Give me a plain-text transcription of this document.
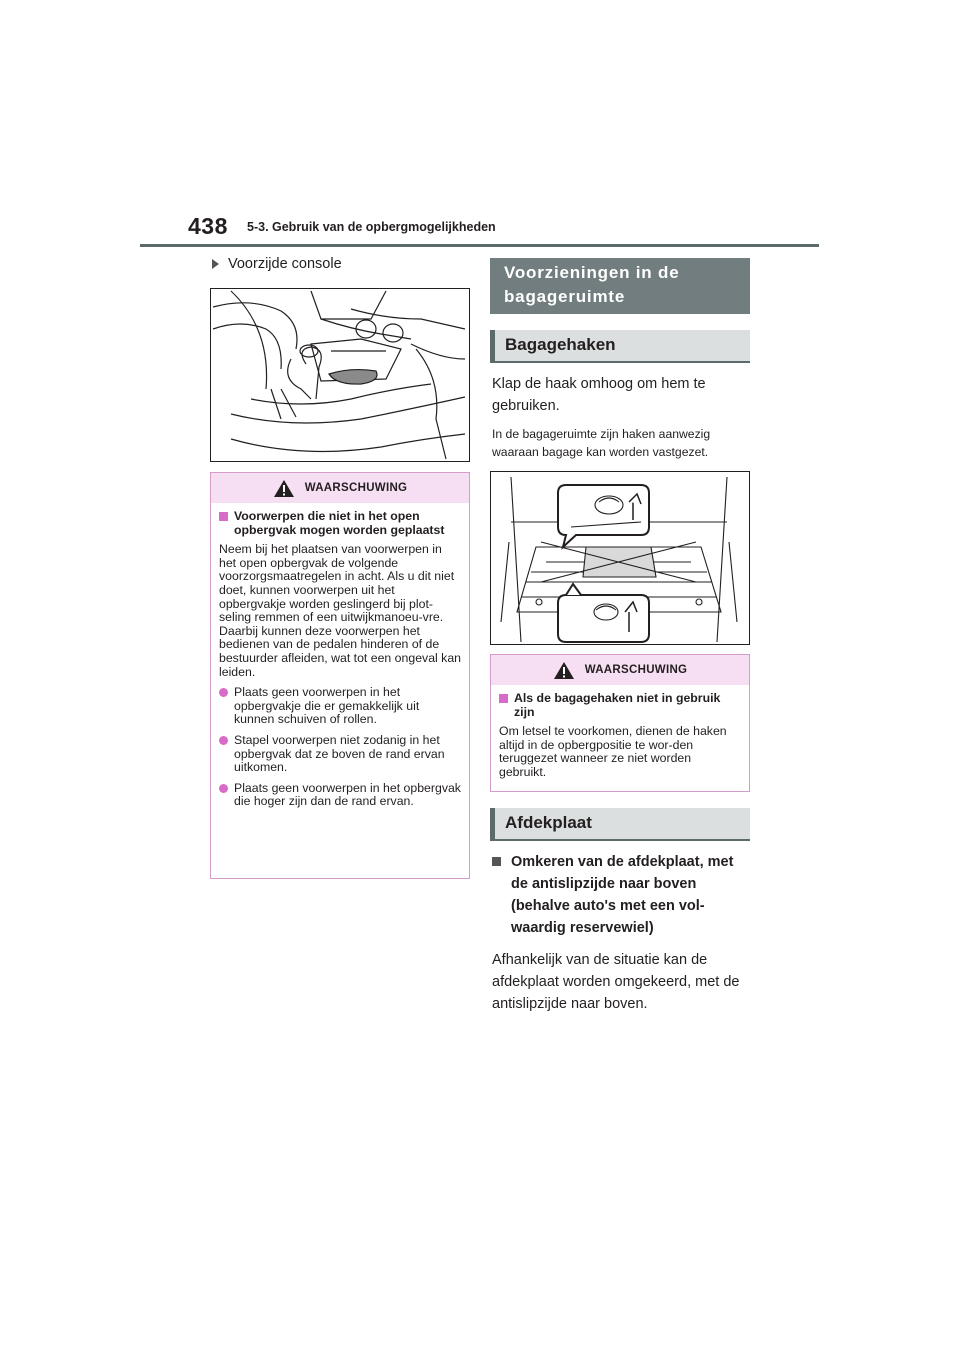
438 5-3. Gebruik van de opbergmogelijkheden
Voorzijde console
WAARSCHUWING
Voorwerpen die niet in het open opbergvak mogen worden geplaatst
Neem bij het plaatsen van voorwerpen in het open opbergvak de volgende voorzorgsmaatregelen in acht. Als u dit niet doet, kunnen voorwerpen uit het opbergvakje worden geslingerd bij plot-seling remmen of een uitwijkmanoeu-vre. Daarbij kunnen deze voorwerpen het bedienen van de pedalen hinderen of de bestuurder afleiden, wat tot een ongeval kan leiden.
Plaats geen voorwerpen in het opbergvakje die er gemakkelijk uit kunnen schuiven of rollen.
Stapel voorwerpen niet zodanig in het opbergvak dat ze boven de rand ervan uitkomen.
Plaats geen voorwerpen in het opbergvak die hoger zijn dan de rand ervan.
Voorzieningen in de bagageruimte
Bagagehaken
Klap de haak omhoog om hem te gebruiken.
In de bagageruimte zijn haken aanwezig waaraan bagage kan worden vastgezet.
WAARSCHUWING
Als de bagagehaken niet in gebruik zijn
Om letsel te voorkomen, dienen de haken altijd in de opbergpositie te wor-den teruggezet wanneer ze niet worden gebruikt.
Afdekplaat
Omkeren van de afdekplaat, met de antislipzijde naar boven (behalve auto's met een vol-waardig reservewiel)
Afhankelijk van de situatie kan de afdekplaat worden omgekeerd, met de antislipzijde naar boven.
